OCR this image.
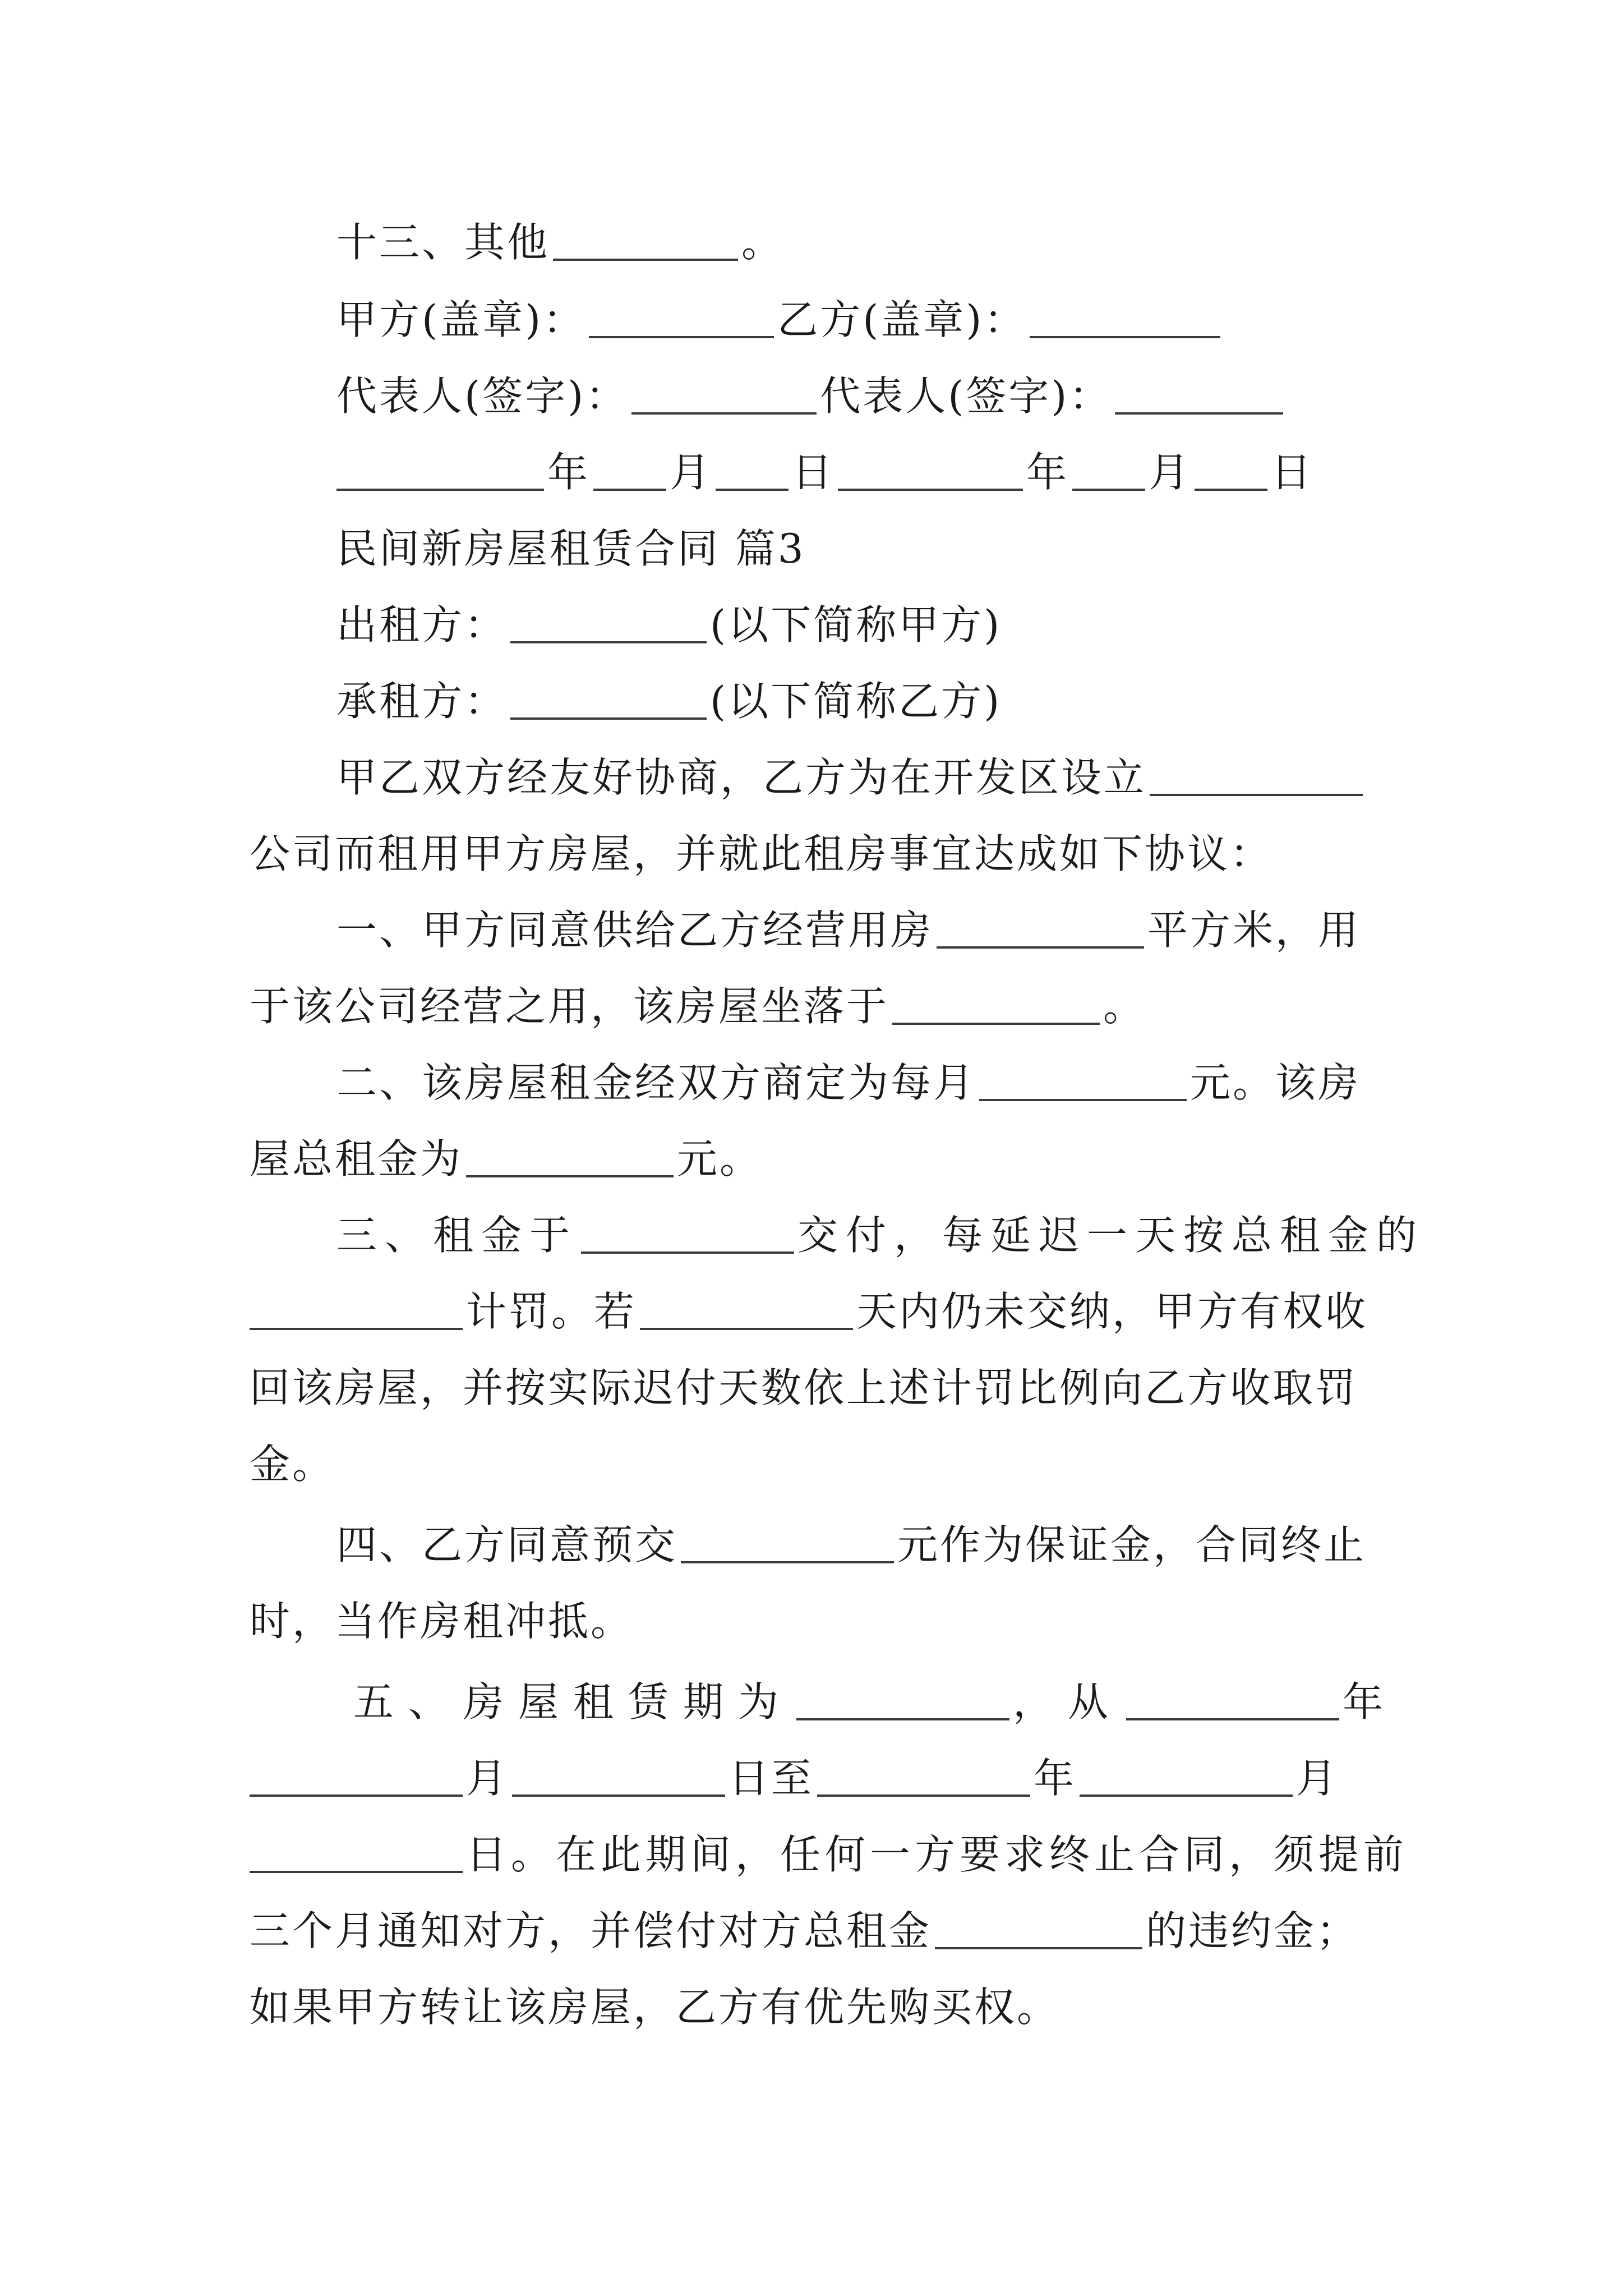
十三、其他	。
甲方(盖章)：	乙方(盖章)：
代表人(签字)：	代表人(签字)：
年 月 日	年 月 日
民间新房屋租赁合同 篇3
出租方：	(以下简称甲方)
承租方：	(以下简称乙方)
甲乙双方经友好协商，乙方为在开发区设立
公司而租用甲方房屋，并就此租房事宜达成如下协议：
一、甲方同意供给乙方经营用房	平方米，用
于该公司经营之用，该房屋坐落于	。
二、该房屋租金经双方商定为每月	元。该房
屋总租金为	元。
三、租金于	交付，每延迟一天按总租金的
计罚。若	天内仍未交纳，甲方有权收
回该房屋，并按实际迟付天数依上述计罚比例向乙方收取罚
金。
四、乙方同意预交	元作为保证金，合同终止
时，当作房租冲抵。
五、房屋租赁期为	，从	年
月	日至	年	月
日。在此期间，任何一方要求终止合同，须提前
三个月通知对方，并偿付对方总租金	的违约金；
如果甲方转让该房屋，乙方有优先购买权。
